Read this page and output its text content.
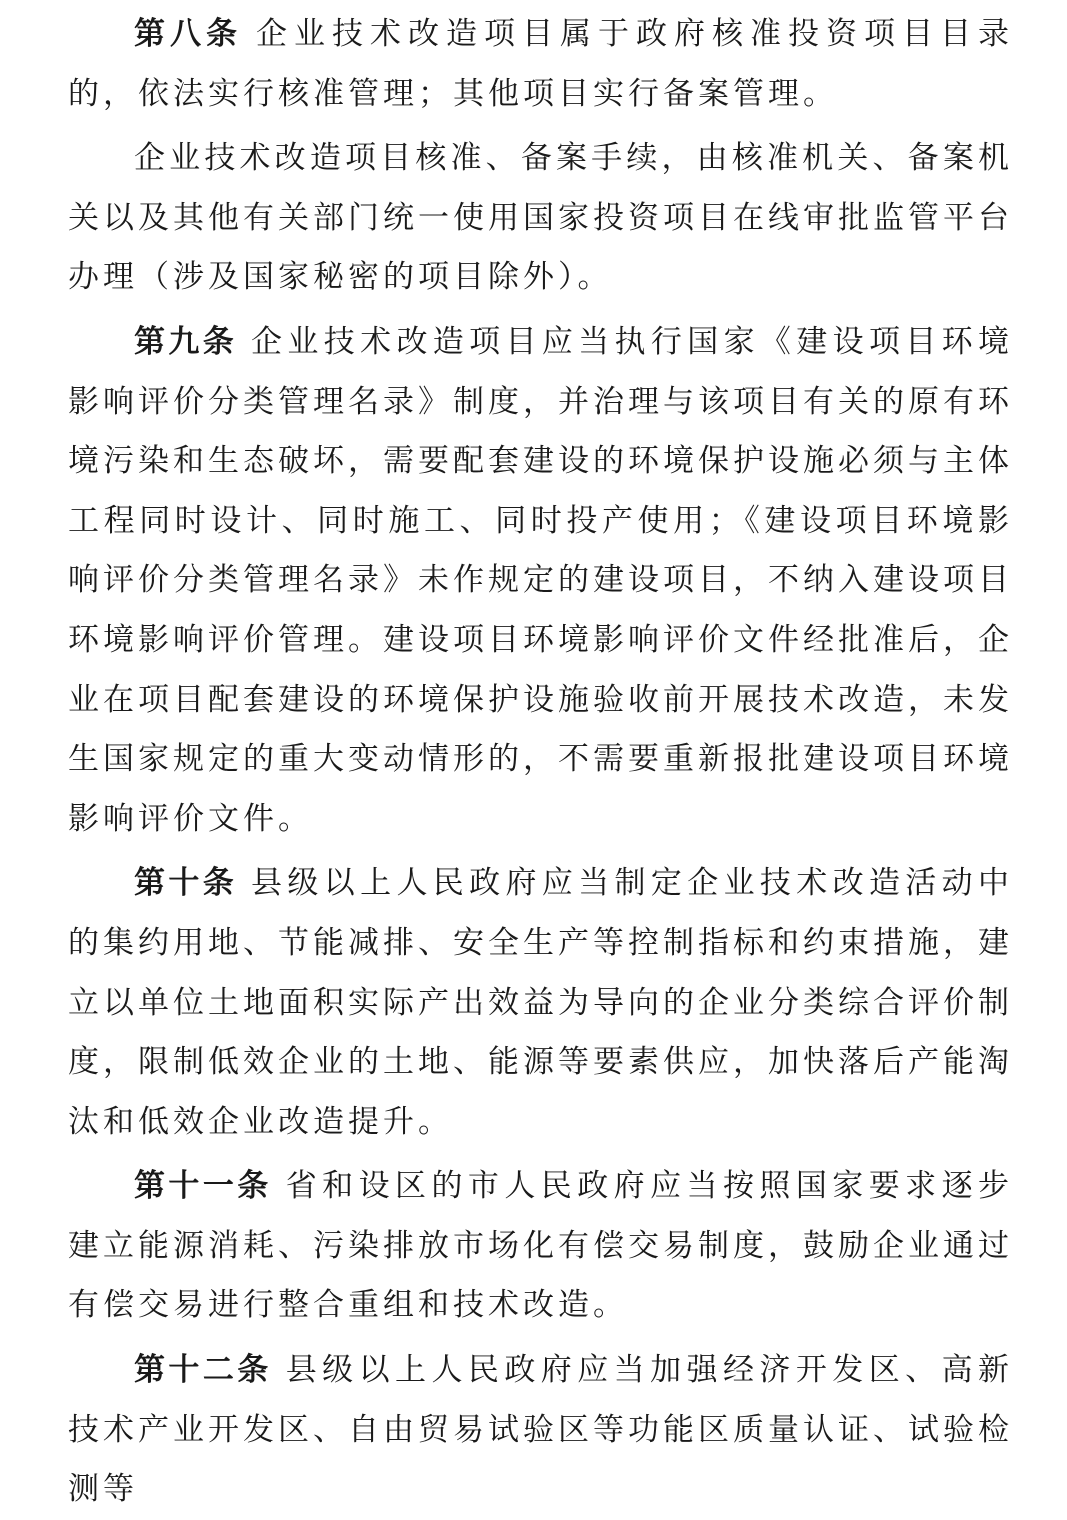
第八条 企业技术改造项目属于政府核准投资项目目录的，依法实行核准管理；其他项目实行备案管理。

企业技术改造项目核准、备案手续，由核准机关、备案机关以及其他有关部门统一使用国家投资项目在线审批监管平台办理（涉及国家秘密的项目除外）。

第九条 企业技术改造项目应当执行国家《建设项目环境影响评价分类管理名录》制度，并治理与该项目有关的原有环境污染和生态破坏，需要配套建设的环境保护设施必须与主体工程同时设计、同时施工、同时投产使用；《建设项目环境影响评价分类管理名录》未作规定的建设项目，不纳入建设项目环境影响评价管理。建设项目环境影响评价文件经批准后，企业在项目配套建设的环境保护设施验收前开展技术改造，未发生国家规定的重大变动情形的，不需要重新报批建设项目环境影响评价文件。

第十条 县级以上人民政府应当制定企业技术改造活动中的集约用地、节能减排、安全生产等控制指标和约束措施，建立以单位土地面积实际产出效益为导向的企业分类综合评价制度，限制低效企业的土地、能源等要素供应，加快落后产能淘汰和低效企业改造提升。

第十一条 省和设区的市人民政府应当按照国家要求逐步建立能源消耗、污染排放市场化有偿交易制度，鼓励企业通过有偿交易进行整合重组和技术改造。

第十二条 县级以上人民政府应当加强经济开发区、高新技术产业开发区、自由贸易试验区等功能区质量认证、试验检测等
